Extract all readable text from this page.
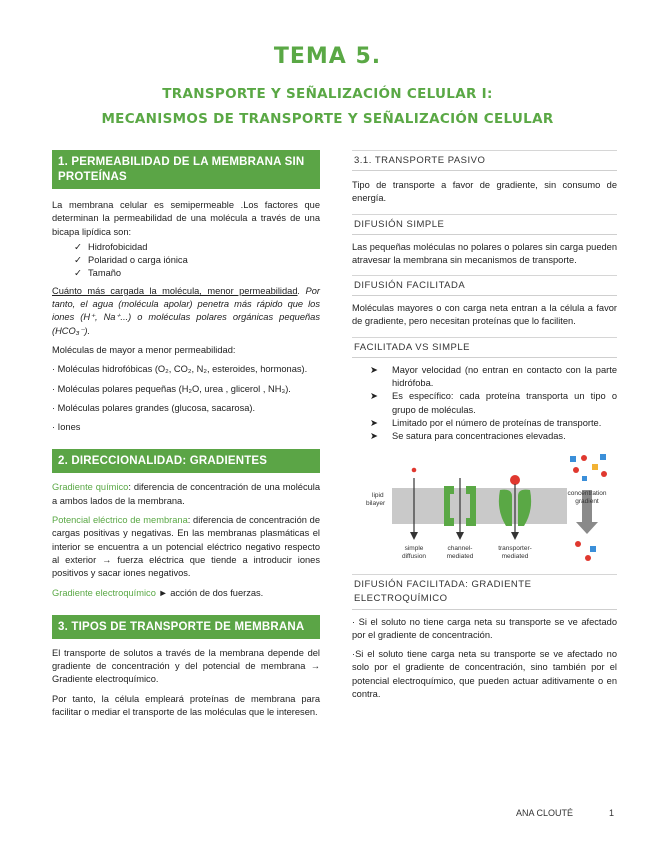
TEMA 5.
TRANSPORTE Y SEÑALIZACIÓN CELULAR I:
MECANISMOS DE TRANSPORTE Y SEÑALIZACIÓN CELULAR
1. PERMEABILIDAD DE LA MEMBRANA SIN PROTEÍNAS

La membrana celular es semipermeable .Los factores que determinan la permeabilidad de una molécula a través de una bicapa lipídica son:

✓ Hidrofobicidad
✓ Polaridad o carga iónica
✓ Tamaño

Cuánto más cargada la molécula, menor permeabilidad. Por tanto, el agua (molécula apolar) penetra más rápido que los iones (H⁺, Na⁺...) o moléculas polares orgánicas pequeñas (HCO₃⁻).

Moléculas de mayor a menor permeabilidad:

· Moléculas hidrofóbicas (O₂, CO₂, N₂, esteroides, hormonas).

· Moléculas polares pequeñas (H₂O, urea , glicerol , NH₃).

· Moléculas polares grandes (glucosa, sacarosa).

· Iones

2. DIRECCIONALIDAD: GRADIENTES

Gradiente químico: diferencia de concentración de una molécula a ambos lados de la membrana.

Potencial eléctrico de membrana: diferencia de concentración de cargas positivas y negativas. En las membranas plasmáticas el interior se encuentra a un potencial eléctrico negativo respecto al exterior → fuerza eléctrica que tiende a introducir iones positivos y sacar iones negativos.

Gradiente electroquímico ► acción de dos fuerzas.

3. TIPOS DE TRANSPORTE DE MEMBRANA

El transporte de solutos a través de la membrana depende del gradiente de concentración y del potencial de membrana → Gradiente electroquímico.

Por tanto, la célula empleará proteínas de membrana para facilitar o mediar el transporte de las moléculas que le interesen.

3.1. TRANSPORTE PASIVO

Tipo de transporte a favor de gradiente, sin consumo de energía.

DIFUSIÓN SIMPLE

Las pequeñas moléculas no polares o polares sin carga pueden atravesar la membrana sin mecanismos de transporte.

DIFUSIÓN FACILITADA

Moléculas mayores o con carga neta entran a la célula a favor de gradiente, pero necesitan proteínas que lo faciliten.

FACILITADA VS SIMPLE
➤ Mayor velocidad (no entran en contacto con la parte hidrófoba.
➤ Es específico: cada proteína transporta un tipo o grupo de moléculas.
➤ Limitado por el número de proteínas de transporte.
➤ Se satura para concentraciones elevadas.
lipid
bilayer
simple
diffusion
channel-
mediated
transporter-
mediated
concentration
gradient
DIFUSIÓN FACILITADA: GRADIENTE
ELECTROQUÍMICO

· Si el soluto no tiene carga neta su transporte se ve afectado por el gradiente de concentración.

·Si el soluto tiene carga neta su transporte se ve afectado no solo por el gradiente de concentración, sino también por el potencial electroquímico, que pueden actuar aditivamente o en contra.

ANA CLOUTÉ	1
